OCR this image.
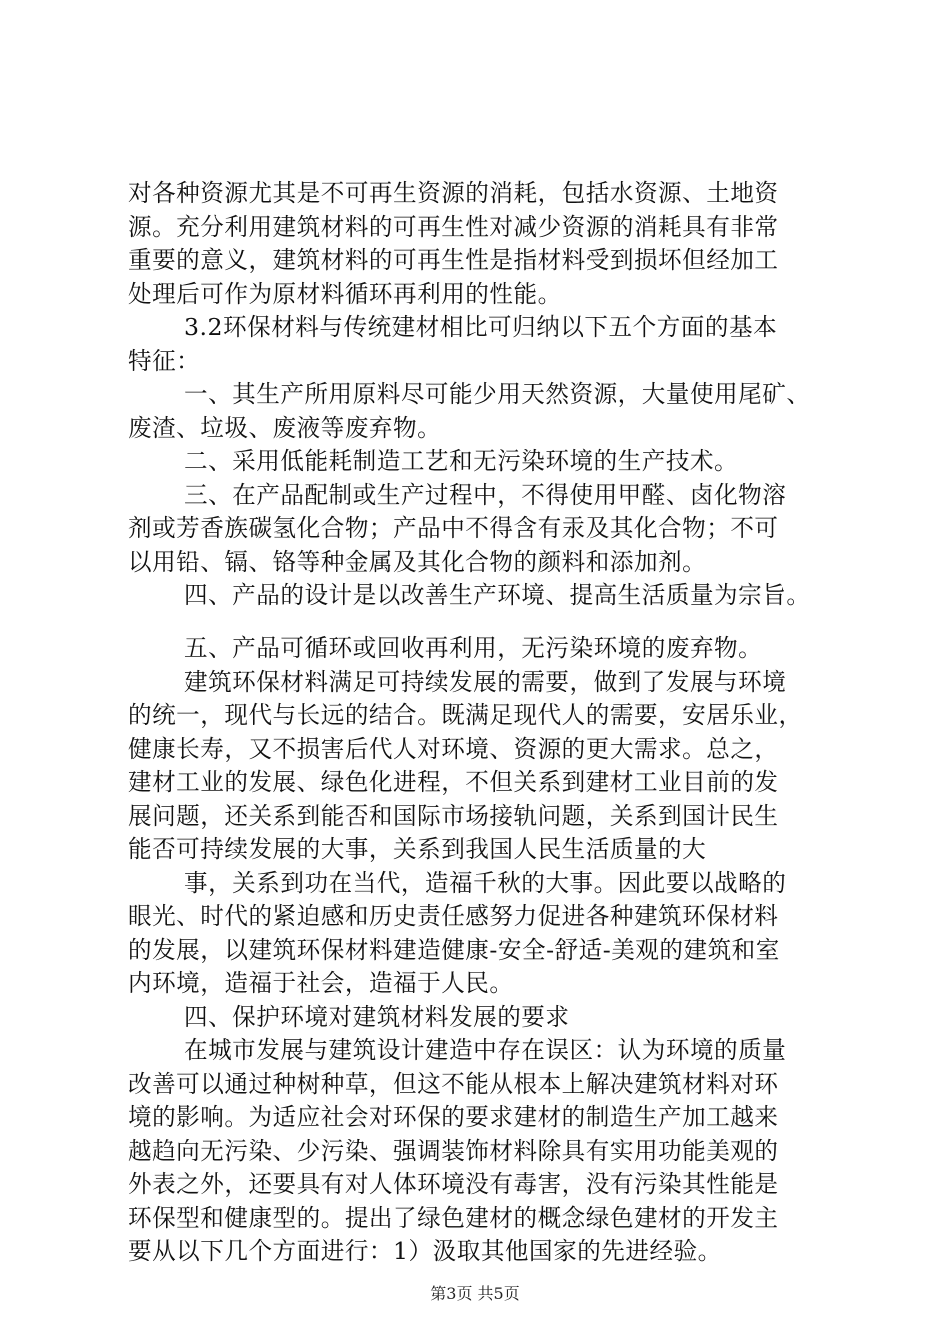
对各种资源尤其是不可再生资源的消耗，包括水资源、土地资
源。充分利用建筑材料的可再生性对减少资源的消耗具有非常
重要的意义，建筑材料的可再生性是指材料受到损坏但经加工
处理后可作为原材料循环再利用的性能。
3.2环保材料与传统建材相比可归纳以下五个方面的基本
特征：
一、其生产所用原料尽可能少用天然资源，大量使用尾矿、
废渣、垃圾、废液等废弃物。
二、采用低能耗制造工艺和无污染环境的生产技术。
三、在产品配制或生产过程中，不得使用甲醛、卤化物溶
剂或芳香族碳氢化合物；产品中不得含有汞及其化合物；不可
以用铅、镉、铬等种金属及其化合物的颜料和添加剂。
四、产品的设计是以改善生产环境、提高生活质量为宗旨。
五、产品可循环或回收再利用，无污染环境的废弃物。
建筑环保材料满足可持续发展的需要，做到了发展与环境
的统一，现代与长远的结合。既满足现代人的需要，安居乐业，
健康长寿，又不损害后代人对环境、资源的更大需求。总之，
建材工业的发展、绿色化进程，不但关系到建材工业目前的发
展问题，还关系到能否和国际市场接轨问题，关系到国计民生
能否可持续发展的大事，关系到我国人民生活质量的大
事，关系到功在当代，造福千秋的大事。因此要以战略的
眼光、时代的紧迫感和历史责任感努力促进各种建筑环保材料
的发展，以建筑环保材料建造健康-安全-舒适-美观的建筑和室
内环境，造福于社会，造福于人民。
四、保护环境对建筑材料发展的要求
在城市发展与建筑设计建造中存在误区：认为环境的质量
改善可以通过种树种草，但这不能从根本上解决建筑材料对环
境的影响。为适应社会对环保的要求建材的制造生产加工越来
越趋向无污染、少污染、强调装饰材料除具有实用功能美观的
外表之外，还要具有对人体环境没有毒害，没有污染其性能是
环保型和健康型的。提出了绿色建材的概念绿色建材的开发主
要从以下几个方面进行：1）汲取其他国家的先进经验。
第3页 共5页
